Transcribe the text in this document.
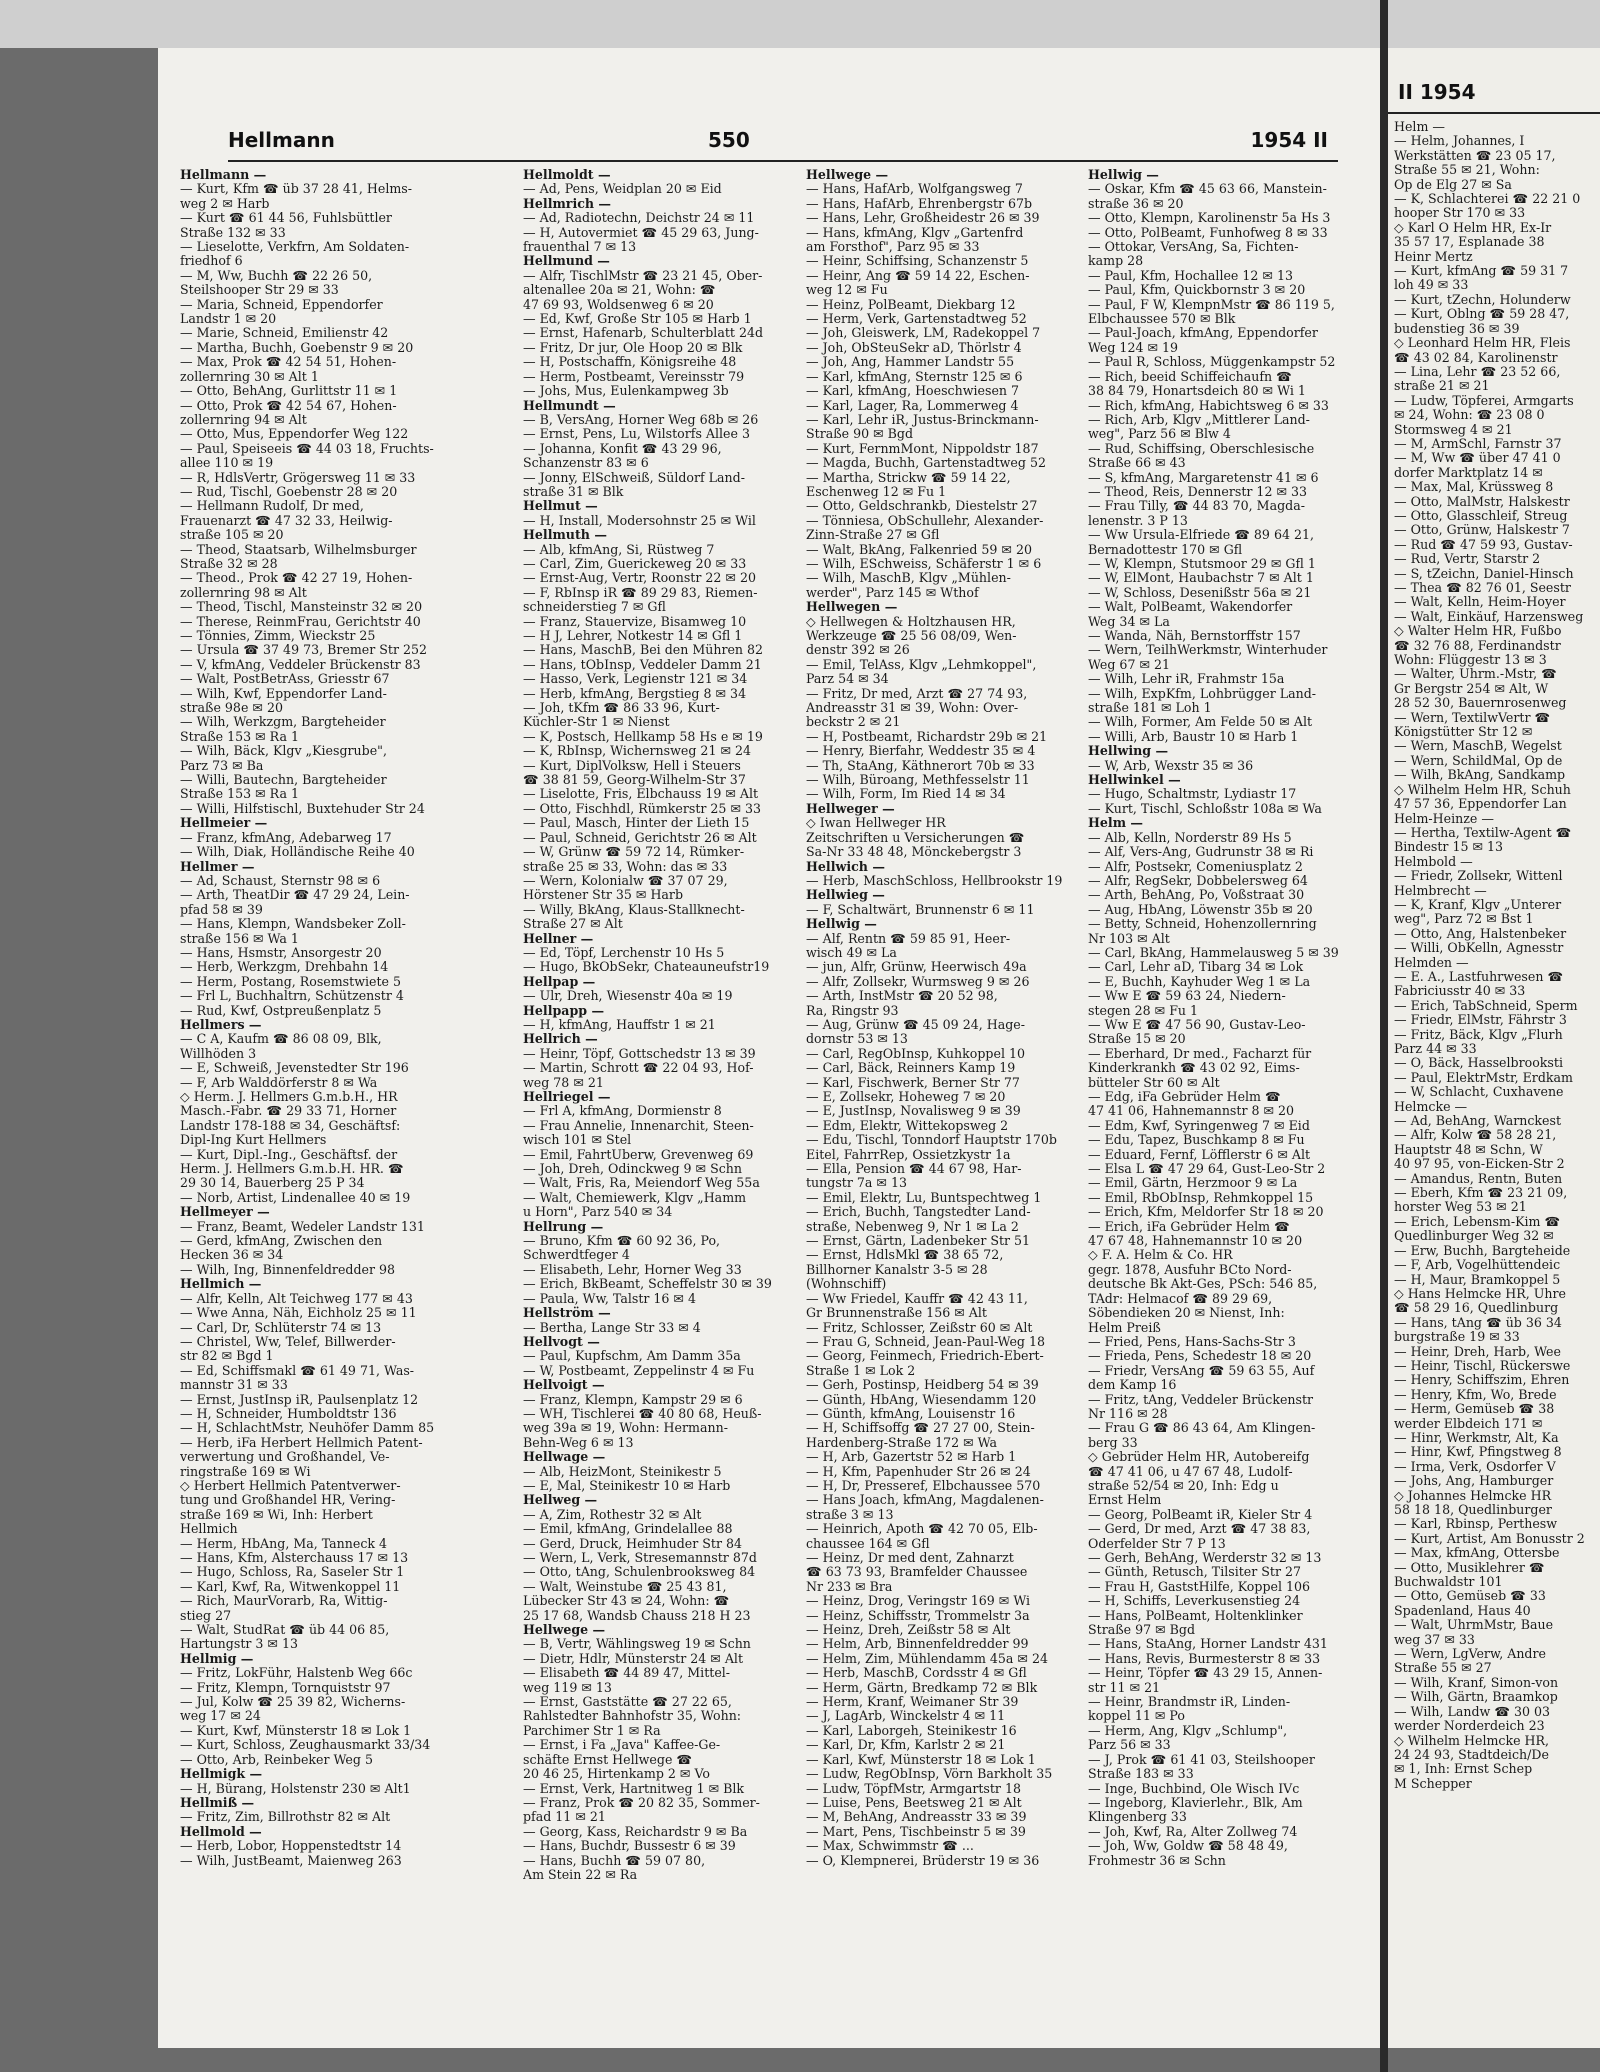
Hellmann	550	1954 II
Hellmann —
— Kurt, Kfm ☎ üb 37 28 41, Helms-
weg 2 ✉ Harb
— Kurt ☎ 61 44 56, Fuhlsbüttler
Straße 132 ✉ 33
— Lieselotte, Verkfrn, Am Soldaten-
friedhof 6
— M, Ww, Buchh ☎ 22 26 50,
Steilshooper Str 29 ✉ 33
— Maria, Schneid, Eppendorfer
Landstr 1 ✉ 20
— Marie, Schneid, Emilienstr 42
— Martha, Buchh, Goebenstr 9 ✉ 20
— Max, Prok ☎ 42 54 51, Hohen-
zollernring 30 ✉ Alt 1
— Otto, BehAng, Gurlittstr 11 ✉ 1
— Otto, Prok ☎ 42 54 67, Hohen-
zollernring 94 ✉ Alt
— Otto, Mus, Eppendorfer Weg 122
— Paul, Speiseeis ☎ 44 03 18, Fruchts-
allee 110 ✉ 19
— R, HdlsVertr, Grögersweg 11 ✉ 33
— Rud, Tischl, Goebenstr 28 ✉ 20
— Hellmann Rudolf, Dr med,
Frauenarzt ☎ 47 32 33, Heilwig-
straße 105 ✉ 20
— Theod, Staatsarb, Wilhelmsburger
Straße 32 ✉ 28
— Theod., Prok ☎ 42 27 19, Hohen-
zollernring 98 ✉ Alt
— Theod, Tischl, Mansteinstr 32 ✉ 20
— Therese, ReinmFrau, Gerichtstr 40
— Tönnies, Zimm, Wieckstr 25
— Ursula ☎ 37 49 73, Bremer Str 252
— V, kfmAng, Veddeler Brückenstr 83
— Walt, PostBetrAss, Griesstr 67
— Wilh, Kwf, Eppendorfer Land-
straße 98e ✉ 20
— Wilh, Werkzgm, Bargteheider
Straße 153 ✉ Ra 1
— Wilh, Bäck, Klgv „Kiesgrube",
Parz 73 ✉ Ba
— Willi, Bautechn, Bargteheider
Straße 153 ✉ Ra 1
— Willi, Hilfstischl, Buxtehuder Str 24
Hellmeier —
— Franz, kfmAng, Adebarweg 17
— Wilh, Diak, Holländische Reihe 40
Hellmer —
— Ad, Schaust, Sternstr 98 ✉ 6
— Arth, TheatDir ☎ 47 29 24, Lein-
pfad 58 ✉ 39
— Hans, Klempn, Wandsbeker Zoll-
straße 156 ✉ Wa 1
— Hans, Hsmstr, Ansorgestr 20
— Herb, Werkzgm, Drehbahn 14
— Herm, Postang, Rosemstwiete 5
— Frl L, Buchhaltrn, Schützenstr 4
— Rud, Kwf, Ostpreußenplatz 5
Hellmers —
— C A, Kaufm ☎ 86 08 09, Blk,
Willhöden 3
— E, Schweiß, Jevenstedter Str 196
— F, Arb Walddörferstr 8 ✉ Wa
◇ Herm. J. Hellmers G.m.b.H., HR
Masch.-Fabr. ☎ 29 33 71, Horner
Landstr 178-188 ✉ 34, Geschäftsf:
Dipl-Ing Kurt Hellmers
— Kurt, Dipl.-Ing., Geschäftsf. der
Herm. J. Hellmers G.m.b.H. HR. ☎
29 30 14, Bauerberg 25 P 34
— Norb, Artist, Lindenallee 40 ✉ 19
Hellmeyer —
— Franz, Beamt, Wedeler Landstr 131
— Gerd, kfmAng, Zwischen den
Hecken 36 ✉ 34
— Wilh, Ing, Binnenfeldredder 98
Hellmich —
— Alfr, Kelln, Alt Teichweg 177 ✉ 43
— Wwe Anna, Näh, Eichholz 25 ✉ 11
— Carl, Dr, Schlüterstr 74 ✉ 13
— Christel, Ww, Telef, Billwerder-
str 82 ✉ Bgd 1
— Ed, Schiffsmakl ☎ 61 49 71, Was-
mannstr 31 ✉ 33
— Ernst, JustInsp iR, Paulsenplatz 12
— H, Schneider, Humboldtstr 136
— H, SchlachtMstr, Neuhöfer Damm 85
— Herb, iFa Herbert Hellmich Patent-
verwertung und Großhandel, Ve-
ringstraße 169 ✉ Wi
◇ Herbert Hellmich Patentverwer-
tung und Großhandel HR, Vering-
straße 169 ✉ Wi, Inh: Herbert
Hellmich
— Herm, HbAng, Ma, Tanneck 4
— Hans, Kfm, Alsterchauss 17 ✉ 13
— Hugo, Schloss, Ra, Saseler Str 1
— Karl, Kwf, Ra, Witwenkoppel 11
— Rich, MaurVorarb, Ra, Wittig-
stieg 27
— Walt, StudRat ☎ üb 44 06 85,
Hartungstr 3 ✉ 13
Hellmig —
— Fritz, LokFühr, Halstenb Weg 66c
— Fritz, Klempn, Tornquiststr 97
— Jul, Kolw ☎ 25 39 82, Wicherns-
weg 17 ✉ 24
— Kurt, Kwf, Münsterstr 18 ✉ Lok 1
— Kurt, Schloss, Zeughausmarkt 33/34
— Otto, Arb, Reinbeker Weg 5
Hellmigk —
— H, Bürang, Holstenstr 230 ✉ Alt1
Hellmiß —
— Fritz, Zim, Billrothstr 82 ✉ Alt
Hellmold —
— Herb, Lobor, Hoppenstedtstr 14
— Wilh, JustBeamt, Maienweg 263
Hellmoldt —
— Ad, Pens, Weidplan 20 ✉ Eid
Hellmrich —
— Ad, Radiotechn, Deichstr 24 ✉ 11
— H, Autovermiet ☎ 45 29 63, Jung-
frauenthal 7 ✉ 13
Hellmund —
— Alfr, TischlMstr ☎ 23 21 45, Ober-
altenallee 20a ✉ 21, Wohn: ☎
47 69 93, Woldsenweg 6 ✉ 20
— Ed, Kwf, Große Str 105 ✉ Harb 1
— Ernst, Hafenarb, Schulterblatt 24d
— Fritz, Dr jur, Ole Hoop 20 ✉ Blk
— H, Postschaffn, Königsreihe 48
— Herm, Postbeamt, Vereinsstr 79
— Johs, Mus, Eulenkampweg 3b
Hellmundt —
— B, VersAng, Horner Weg 68b ✉ 26
— Ernst, Pens, Lu, Wilstorfs Allee 3
— Johanna, Konfit ☎ 43 29 96,
Schanzenstr 83 ✉ 6
— Jonny, ElSchweiß, Süldorf Land-
straße 31 ✉ Blk
Hellmut —
— H, Install, Modersohnstr 25 ✉ Wil
Hellmuth —
— Alb, kfmAng, Si, Rüstweg 7
— Carl, Zim, Guerickeweg 20 ✉ 33
— Ernst-Aug, Vertr, Roonstr 22 ✉ 20
— F, RbInsp iR ☎ 89 29 83, Riemen-
schneiderstieg 7 ✉ Gfl
— Franz, Stauervize, Bisamweg 10
— H J, Lehrer, Notkestr 14 ✉ Gfl 1
— Hans, MaschB, Bei den Mühren 82
— Hans, tObInsp, Veddeler Damm 21
— Hasso, Verk, Legienstr 121 ✉ 34
— Herb, kfmAng, Bergstieg 8 ✉ 34
— Joh, tKfm ☎ 86 33 96, Kurt-
Küchler-Str 1 ✉ Nienst
— K, Postsch, Hellkamp 58 Hs e ✉ 19
— K, RbInsp, Wichernsweg 21 ✉ 24
— Kurt, DiplVolksw, Hell i Steuers
☎ 38 81 59, Georg-Wilhelm-Str 37
— Liselotte, Fris, Elbchauss 19 ✉ Alt
— Otto, Fischhdl, Rümkerstr 25 ✉ 33
— Paul, Masch, Hinter der Lieth 15
— Paul, Schneid, Gerichtstr 26 ✉ Alt
— W, Grünw ☎ 59 72 14, Rümker-
straße 25 ✉ 33, Wohn: das ✉ 33
— Wern, Kolonialw ☎ 37 07 29,
Hörstener Str 35 ✉ Harb
— Willy, BkAng, Klaus-Stallknecht-
Straße 27 ✉ Alt
Hellner —
— Ed, Töpf, Lerchenstr 10 Hs 5
— Hugo, BkObSekr, Chateauneufstr19
Hellpap —
— Ulr, Dreh, Wiesenstr 40a ✉ 19
Hellpapp —
— H, kfmAng, Hauffstr 1 ✉ 21
Hellrich —
— Heinr, Töpf, Gottschedstr 13 ✉ 39
— Martin, Schrott ☎ 22 04 93, Hof-
weg 78 ✉ 21
Hellriegel —
— Frl A, kfmAng, Dormienstr 8
— Frau Annelie, Innenarchit, Steen-
wisch 101 ✉ Stel
— Emil, FahrtÜberw, Grevenweg 69
— Joh, Dreh, Odinckweg 9 ✉ Schn
— Walt, Fris, Ra, Meiendorf Weg 55a
— Walt, Chemiewerk, Klgv „Hamm
u Horn", Parz 540 ✉ 34
Hellrung —
— Bruno, Kfm ☎ 60 92 36, Po,
Schwerdtfeger 4
— Elisabeth, Lehr, Horner Weg 33
— Erich, BkBeamt, Scheffelstr 30 ✉ 39
— Paula, Ww, Talstr 16 ✉ 4
Hellström —
— Bertha, Lange Str 33 ✉ 4
Hellvogt —
— Paul, Kupfschm, Am Damm 35a
— W, Postbeamt, Zeppelinstr 4 ✉ Fu
Hellvoigt —
— Franz, Klempn, Kampstr 29 ✉ 6
— WH, Tischlerei ☎ 40 80 68, Heuß-
weg 39a ✉ 19, Wohn: Hermann-
Behn-Weg 6 ✉ 13
Hellwage —
— Alb, HeizMont, Steinikestr 5
— E, Mal, Steinikestr 10 ✉ Harb
Hellweg —
— A, Zim, Rothestr 32 ✉ Alt
— Emil, kfmAng, Grindelallee 88
— Gerd, Druck, Heimhuder Str 84
— Wern, L, Verk, Stresemannstr 87d
— Otto, tAng, Schulenbrooksweg 84
— Walt, Weinstube ☎ 25 43 81,
Lübecker Str 43 ✉ 24, Wohn: ☎
25 17 68, Wandsb Chauss 218 H 23
Hellwege —
— B, Vertr, Wählingsweg 19 ✉ Schn
— Dietr, Hdlr, Münsterstr 24 ✉ Alt
— Elisabeth ☎ 44 89 47, Mittel-
weg 119 ✉ 13
— Ernst, Gaststätte ☎ 27 22 65,
Rahlstedter Bahnhofstr 35, Wohn:
Parchimer Str 1 ✉ Ra
— Ernst, i Fa „Java" Kaffee-Ge-
schäfte Ernst Hellwege ☎
20 46 25, Hirtenkamp 2 ✉ Vo
— Ernst, Verk, Hartnitweg 1 ✉ Blk
— Franz, Prok ☎ 20 82 35, Sommer-
pfad 11 ✉ 21
— Georg, Kass, Reichardstr 9 ✉ Ba
— Hans, Buchdr, Bussestr 6 ✉ 39
— Hans, Buchh ☎ 59 07 80,
Am Stein 22 ✉ Ra
Hellwege —
— Hans, HafArb, Wolfgangsweg 7
— Hans, HafArb, Ehrenbergstr 67b
— Hans, Lehr, Großheidestr 26 ✉ 39
— Hans, kfmAng, Klgv „Gartenfrd
am Forsthof", Parz 95 ✉ 33
— Heinr, Schiffsing, Schanzenstr 5
— Heinr, Ang ☎ 59 14 22, Eschen-
weg 12 ✉ Fu
— Heinz, PolBeamt, Diekbarg 12
— Herm, Verk, Gartenstadtweg 52
— Joh, Gleiswerk, LM, Radekoppel 7
— Joh, ObSteuSekr aD, Thörlstr 4
— Joh, Ang, Hammer Landstr 55
— Karl, kfmAng, Sternstr 125 ✉ 6
— Karl, kfmAng, Hoeschwiesen 7
— Karl, Lager, Ra, Lommerweg 4
— Karl, Lehr iR, Justus-Brinckmann-
Straße 90 ✉ Bgd
— Kurt, FernmMont, Nippoldstr 187
— Magda, Buchh, Gartenstadtweg 52
— Martha, Strickw ☎ 59 14 22,
Eschenweg 12 ✉ Fu 1
— Otto, Geldschrankb, Diestelstr 27
— Tönniesa, ObSchullehr, Alexander-
Zinn-Straße 27 ✉ Gfl
— Walt, BkAng, Falkenried 59 ✉ 20
— Wilh, ESchweiss, Schäferstr 1 ✉ 6
— Wilh, MaschB, Klgv „Mühlen-
werder", Parz 145 ✉ Wthof
Hellwegen —
◇ Hellwegen & Holtzhausen HR,
Werkzeuge ☎ 25 56 08/09, Wen-
denstr 392 ✉ 26
— Emil, TelAss, Klgv „Lehmkoppel",
Parz 54 ✉ 34
— Fritz, Dr med, Arzt ☎ 27 74 93,
Andreasstr 31 ✉ 39, Wohn: Over-
beckstr 2 ✉ 21
— H, Postbeamt, Richardstr 29b ✉ 21
— Henry, Bierfahr, Weddestr 35 ✉ 4
— Th, StaAng, Käthnerort 70b ✉ 33
— Wilh, Büroang, Methfesselstr 11
— Wilh, Form, Im Ried 14 ✉ 34
Hellweger —
◇ Iwan Hellweger HR
Zeitschriften u Versicherungen ☎
Sa-Nr 33 48 48, Mönckebergstr 3
Hellwich —
— Herb, MaschSchloss, Hellbrookstr 19
Hellwieg —
— F, Schaltwärt, Brunnenstr 6 ✉ 11
Hellwig —
— Alf, Rentn ☎ 59 85 91, Heer-
wisch 49 ✉ La
— jun, Alfr, Grünw, Heerwisch 49a
— Alfr, Zollsekr, Wurmsweg 9 ✉ 26
— Arth, InstMstr ☎ 20 52 98,
Ra, Ringstr 93
— Aug, Grünw ☎ 45 09 24, Hage-
dornstr 53 ✉ 13
— Carl, RegObInsp, Kuhkoppel 10
— Carl, Bäck, Reinners Kamp 19
— Karl, Fischwerk, Berner Str 77
— E, Zollsekr, Hoheweg 7 ✉ 20
— E, JustInsp, Novalisweg 9 ✉ 39
— Edm, Elektr, Wittekopsweg 2
— Edu, Tischl, Tonndorf Hauptstr 170b
Eitel, FahrrRep, Ossietzkystr 1a
— Ella, Pension ☎ 44 67 98, Har-
tungstr 7a ✉ 13
— Emil, Elektr, Lu, Buntspechtweg 1
— Erich, Buchh, Tangstedter Land-
straße, Nebenweg 9, Nr 1 ✉ La 2
— Ernst, Gärtn, Ladenbeker Str 51
— Ernst, HdlsMkl ☎ 38 65 72,
Billhorner Kanalstr 3-5 ✉ 28
(Wohnschiff)
— Ww Friedel, Kauffr ☎ 42 43 11,
Gr Brunnenstraße 156 ✉ Alt
— Fritz, Schlosser, Zeißstr 60 ✉ Alt
— Frau G, Schneid, Jean-Paul-Weg 18
— Georg, Feinmech, Friedrich-Ebert-
Straße 1 ✉ Lok 2
— Gerh, Postinsp, Heidberg 54 ✉ 39
— Günth, HbAng, Wiesendamm 120
— Günth, kfmAng, Louisenstr 16
— H, Schiffsoffg ☎ 27 27 00, Stein-
Hardenberg-Straße 172 ✉ Wa
— H, Arb, Gazertstr 52 ✉ Harb 1
— H, Kfm, Papenhuder Str 26 ✉ 24
— H, Dr, Presseref, Elbchaussee 570
— Hans Joach, kfmAng, Magdalenen-
straße 3 ✉ 13
— Heinrich, Apoth ☎ 42 70 05, Elb-
chaussee 164 ✉ Gfl
— Heinz, Dr med dent, Zahnarzt
☎ 63 73 93, Bramfelder Chaussee
Nr 233 ✉ Bra
— Heinz, Drog, Veringstr 169 ✉ Wi
— Heinz, Schiffsstr, Trommelstr 3a
— Heinz, Dreh, Zeißstr 58 ✉ Alt
— Helm, Arb, Binnenfeldredder 99
— Helm, Zim, Mühlendamm 45a ✉ 24
— Herb, MaschB, Cordsstr 4 ✉ Gfl
— Herm, Gärtn, Bredkamp 72 ✉ Blk
— Herm, Kranf, Weimaner Str 39
— J, LagArb, Winckelstr 4 ✉ 11
— Karl, Laborgeh, Steinikestr 16
— Karl, Dr, Kfm, Karlstr 2 ✉ 21
— Karl, Kwf, Münsterstr 18 ✉ Lok 1
— Ludw, RegObInsp, Vörn Barkholt 35
— Ludw, TöpfMstr, Armgartstr 18
— Luise, Pens, Beetsweg 21 ✉ Alt
— M, BehAng, Andreasstr 33 ✉ 39
— Mart, Pens, Tischbeinstr 5 ✉ 39
— Max, Schwimmstr ☎ ...
— O, Klempnerei, Brüderstr 19 ✉ 36
Hellwig —
— Oskar, Kfm ☎ 45 63 66, Manstein-
straße 36 ✉ 20
— Otto, Klempn, Karolinenstr 5a Hs 3
— Otto, PolBeamt, Funhofweg 8 ✉ 33
— Ottokar, VersAng, Sa, Fichten-
kamp 28
— Paul, Kfm, Hochallee 12 ✉ 13
— Paul, Kfm, Quickbornstr 3 ✉ 20
— Paul, F W, KlempnMstr ☎ 86 119 5,
Elbchaussee 570 ✉ Blk
— Paul-Joach, kfmAng, Eppendorfer
Weg 124 ✉ 19
— Paul R, Schloss, Müggenkampstr 52
— Rich, beeid Schiffeichaufn ☎
38 84 79, Honartsdeich 80 ✉ Wi 1
— Rich, kfmAng, Habichtsweg 6 ✉ 33
— Rich, Arb, Klgv „Mittlerer Land-
weg", Parz 56 ✉ Blw 4
— Rud, Schiffsing, Oberschlesische
Straße 66 ✉ 43
— S, kfmAng, Margaretenstr 41 ✉ 6
— Theod, Reis, Dennerstr 12 ✉ 33
— Frau Tilly, ☎ 44 83 70, Magda-
lenenstr. 3 P 13
— Ww Ursula-Elfriede ☎ 89 64 21,
Bernadottestr 170 ✉ Gfl
— W, Klempn, Stutsmoor 29 ✉ Gfl 1
— W, ElMont, Haubachstr 7 ✉ Alt 1
— W, Schloss, Desenißstr 56a ✉ 21
— Walt, PolBeamt, Wakendorfer
Weg 34 ✉ La
— Wanda, Näh, Bernstorffstr 157
— Wern, TeilhWerkmstr, Winterhuder
Weg 67 ✉ 21
— Wilh, Lehr iR, Frahmstr 15a
— Wilh, ExpKfm, Lohbrügger Land-
straße 181 ✉ Loh 1
— Wilh, Former, Am Felde 50 ✉ Alt
— Willi, Arb, Baustr 10 ✉ Harb 1
Hellwing —
— W, Arb, Wexstr 35 ✉ 36
Hellwinkel —
— Hugo, Schaltmstr, Lydiastr 17
— Kurt, Tischl, Schloßstr 108a ✉ Wa
Helm —
— Alb, Kelln, Norderstr 89 Hs 5
— Alf, Vers-Ang, Gudrunstr 38 ✉ Ri
— Alfr, Postsekr, Comeniusplatz 2
— Alfr, RegSekr, Dobbelersweg 64
— Arth, BehAng, Po, Voßstraat 30
— Aug, HbAng, Löwenstr 35b ✉ 20
— Betty, Schneid, Hohenzollernring
Nr 103 ✉ Alt
— Carl, BkAng, Hammelausweg 5 ✉ 39
— Carl, Lehr aD, Tibarg 34 ✉ Lok
— E, Buchh, Kayhuder Weg 1 ✉ La
— Ww E ☎ 59 63 24, Niedern-
stegen 28 ✉ Fu 1
— Ww E ☎ 47 56 90, Gustav-Leo-
Straße 15 ✉ 20
— Eberhard, Dr med., Facharzt für
Kinderkrankh ☎ 43 02 92, Eims-
bütteler Str 60 ✉ Alt
— Edg, iFa Gebrüder Helm ☎
47 41 06, Hahnemannstr 8 ✉ 20
— Edm, Kwf, Syringenweg 7 ✉ Eid
— Edu, Tapez, Buschkamp 8 ✉ Fu
— Eduard, Fernf, Löfflerstr 6 ✉ Alt
— Elsa L ☎ 47 29 64, Gust-Leo-Str 2
— Emil, Gärtn, Herzmoor 9 ✉ La
— Emil, RbObInsp, Rehmkoppel 15
— Erich, Kfm, Meldorfer Str 18 ✉ 20
— Erich, iFa Gebrüder Helm ☎
47 67 48, Hahnemannstr 10 ✉ 20
◇ F. A. Helm & Co. HR
gegr. 1878, Ausfuhr BCto Nord-
deutsche Bk Akt-Ges, PSch: 546 85,
TAdr: Helmacof ☎ 89 29 69,
Söbendieken 20 ✉ Nienst, Inh:
Helm Preiß
— Fried, Pens, Hans-Sachs-Str 3
— Frieda, Pens, Schedestr 18 ✉ 20
— Friedr, VersAng ☎ 59 63 55, Auf
dem Kamp 16
— Fritz, tAng, Veddeler Brückenstr
Nr 116 ✉ 28
— Frau G ☎ 86 43 64, Am Klingen-
berg 33
◇ Gebrüder Helm HR, Autobereifg
☎ 47 41 06, u 47 67 48, Ludolf-
straße 52/54 ✉ 20, Inh: Edg u
Ernst Helm
— Georg, PolBeamt iR, Kieler Str 4
— Gerd, Dr med, Arzt ☎ 47 38 83,
Oderfelder Str 7 P 13
— Gerh, BehAng, Werderstr 32 ✉ 13
— Günth, Retusch, Tilsiter Str 27
— Frau H, GaststHilfe, Koppel 106
— H, Schiffs, Leverkusenstieg 24
— Hans, PolBeamt, Holtenklinker
Straße 97 ✉ Bgd
— Hans, StaAng, Horner Landstr 431
— Hans, Revis, Burmesterstr 8 ✉ 33
— Heinr, Töpfer ☎ 43 29 15, Annen-
str 11 ✉ 21
— Heinr, Brandmstr iR, Linden-
koppel 11 ✉ Po
— Herm, Ang, Klgv „Schlump",
Parz 56 ✉ 33
— J, Prok ☎ 61 41 03, Steilshooper
Straße 183 ✉ 33
— Inge, Buchbind, Ole Wisch IVc
— Ingeborg, Klavierlehr., Blk, Am
Klingenberg 33
— Joh, Kwf, Ra, Alter Zollweg 74
— Joh, Ww, Goldw ☎ 58 48 49,
Frohmestr 36 ✉ Schn
II 1954
Helm —
— Helm, Johannes, I
Werkstätten ☎ 23 05 17,
Straße 55 ✉ 21, Wohn:
Op de Elg 27 ✉ Sa
— K, Schlachterei ☎ 22 21 0
hooper Str 170 ✉ 33
◇ Karl O Helm HR, Ex-Ir
35 57 17, Esplanade 38
Heinr Mertz
— Kurt, kfmAng ☎ 59 31 7
loh 49 ✉ 33
— Kurt, tZechn, Holunderw
— Kurt, Oblng ☎ 59 28 47,
budenstieg 36 ✉ 39
◇ Leonhard Helm HR, Fleis
☎ 43 02 84, Karolinenstr
— Lina, Lehr ☎ 23 52 66,
straße 21 ✉ 21
— Ludw, Töpferei, Armgarts
✉ 24, Wohn: ☎ 23 08 0
Stormsweg 4 ✉ 21
— M, ArmSchl, Farnstr 37
— M, Ww ☎ über 47 41 0
dorfer Marktplatz 14 ✉
— Max, Mal, Krüssweg 8
— Otto, MalMstr, Halskestr
— Otto, Glasschleif, Streug
— Otto, Grünw, Halskestr 7
— Rud ☎ 47 59 93, Gustav-
— Rud, Vertr, Starstr 2
— S, tZeichn, Daniel-Hinsch
— Thea ☎ 82 76 01, Seestr
— Walt, Kelln, Heim-Hoyer
— Walt, Einkäuf, Harzensweg
◇ Walter Helm HR, Fußbo
☎ 32 76 88, Ferdinandstr
Wohn: Flüggestr 13 ✉ 3
— Walter, Uhrm.-Mstr, ☎
Gr Bergstr 254 ✉ Alt, W
28 52 30, Bauernrosenweg
— Wern, TextilwVertr ☎
Königstütter Str 12 ✉
— Wern, MaschB, Wegelst
— Wern, SchildMal, Op de
— Wilh, BkAng, Sandkamp
◇ Wilhelm Helm HR, Schuh
47 57 36, Eppendorfer Lan
Helm-Heinze —
— Hertha, Textilw-Agent ☎
Bindestr 15 ✉ 13
Helmbold —
— Friedr, Zollsekr, Wittenl
Helmbrecht —
— K, Kranf, Klgv „Unterer
weg", Parz 72 ✉ Bst 1
— Otto, Ang, Halstenbeker
— Willi, ObKelln, Agnesstr
Helmden —
— E. A., Lastfuhrwesen ☎
Fabriciusstr 40 ✉ 33
— Erich, TabSchneid, Sperm
— Friedr, ElMstr, Fährstr 3
— Fritz, Bäck, Klgv „Flurh
Parz 44 ✉ 33
— O, Bäck, Hasselbrooksti
— Paul, ElektrMstr, Erdkam
— W, Schlacht, Cuxhavene
Helmcke —
— Ad, BehAng, Warnckest
— Alfr, Kolw ☎ 58 28 21,
Hauptstr 48 ✉ Schn, W
40 97 95, von-Eicken-Str 2
— Amandus, Rentn, Buten
— Eberh, Kfm ☎ 23 21 09,
horster Weg 53 ✉ 21
— Erich, Lebensm-Kim ☎
Quedlinburger Weg 32 ✉
— Erw, Buchh, Bargteheide
— F, Arb, Vogelhüttendeic
— H, Maur, Bramkoppel 5
◇ Hans Helmcke HR, Uhre
☎ 58 29 16, Quedlinburg
— Hans, tAng ☎ üb 36 34
burgstraße 19 ✉ 33
— Heinr, Dreh, Harb, Wee
— Heinr, Tischl, Rückerswe
— Henry, Schiffszim, Ehren
— Henry, Kfm, Wo, Brede
— Herm, Gemüseb ☎ 38
werder Elbdeich 171 ✉
— Hinr, Werkmstr, Alt, Ka
— Hinr, Kwf, Pfingstweg 8
— Irma, Verk, Osdorfer V
— Johs, Ang, Hamburger
◇ Johannes Helmcke HR
58 18 18, Quedlinburger
— Karl, Rbinsp, Perthesw
— Kurt, Artist, Am Bonusstr 2
— Max, kfmAng, Ottersbe
— Otto, Musiklehrer ☎
Buchwaldstr 101
— Otto, Gemüseb ☎ 33
Spadenland, Haus 40
— Walt, UhrmMstr, Baue
weg 37 ✉ 33
— Wern, LgVerw, Andre
Straße 55 ✉ 27
— Wilh, Kranf, Simon-von
— Wilh, Gärtn, Braamkop
— Wilh, Landw ☎ 30 03
werder Norderdeich 23
◇ Wilhelm Helmcke HR,
24 24 93, Stadtdeich/De
✉ 1, Inh: Ernst Schep
M Schepper
